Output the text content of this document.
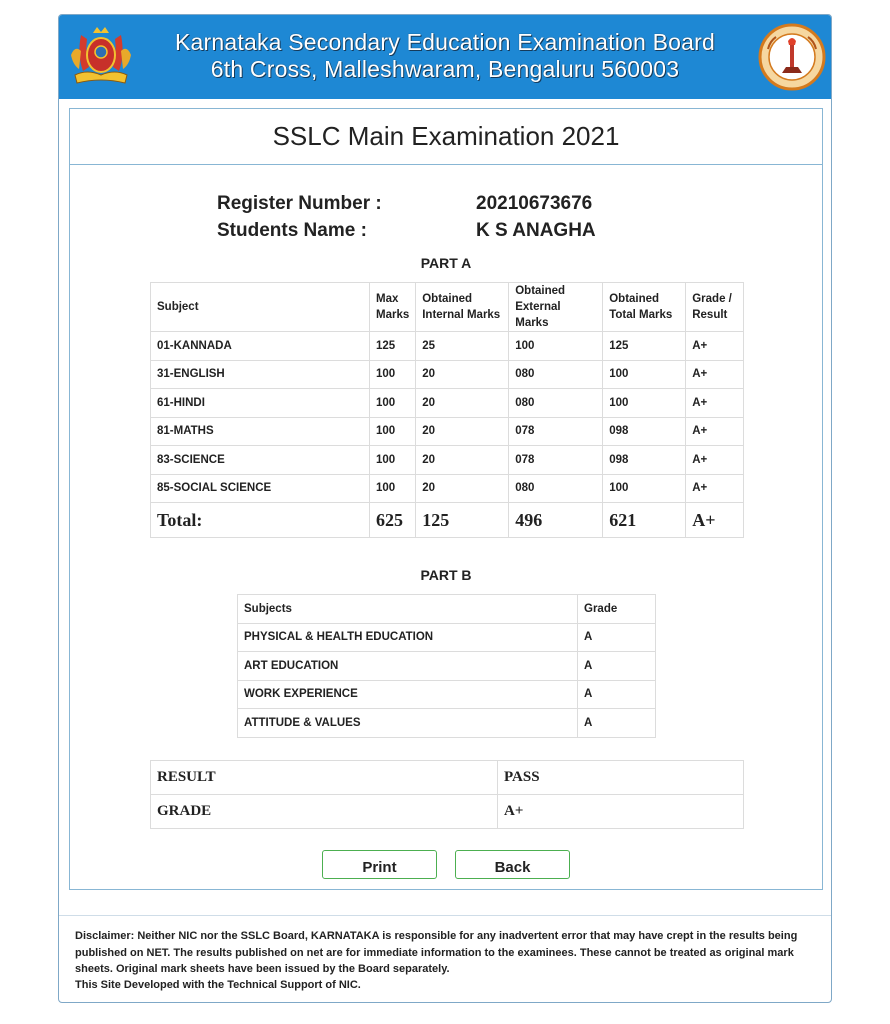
Karnataka Secondary Education Examination Board
6th Cross, Malleshwaram, Bengaluru 560003
SSLC Main Examination 2021
Register Number :	20210673676
Students Name :	K S ANAGHA
PART A
Subject	Max Marks	Obtained Internal Marks	Obtained External Marks	Obtained Total Marks	Grade / Result
01-KANNADA	125	25	100	125	A+
31-ENGLISH	100	20	080	100	A+
61-HINDI	100	20	080	100	A+
81-MATHS	100	20	078	098	A+
83-SCIENCE	100	20	078	098	A+
85-SOCIAL SCIENCE	100	20	080	100	A+
Total:	625	125	496	621	A+
PART B
Subjects	Grade
PHYSICAL & HEALTH EDUCATION	A
ART EDUCATION	A
WORK EXPERIENCE	A
ATTITUDE & VALUES	A
RESULT	PASS
GRADE	A+
Print	Back

Disclaimer: Neither NIC nor the SSLC Board, KARNATAKA is responsible for any inadvertent error that may have crept in the results being published on NET. The results published on net are for immediate information to the examinees. These cannot be treated as original mark sheets. Original mark sheets have been issued by the Board separately.

This Site Developed with the Technical Support of NIC.
